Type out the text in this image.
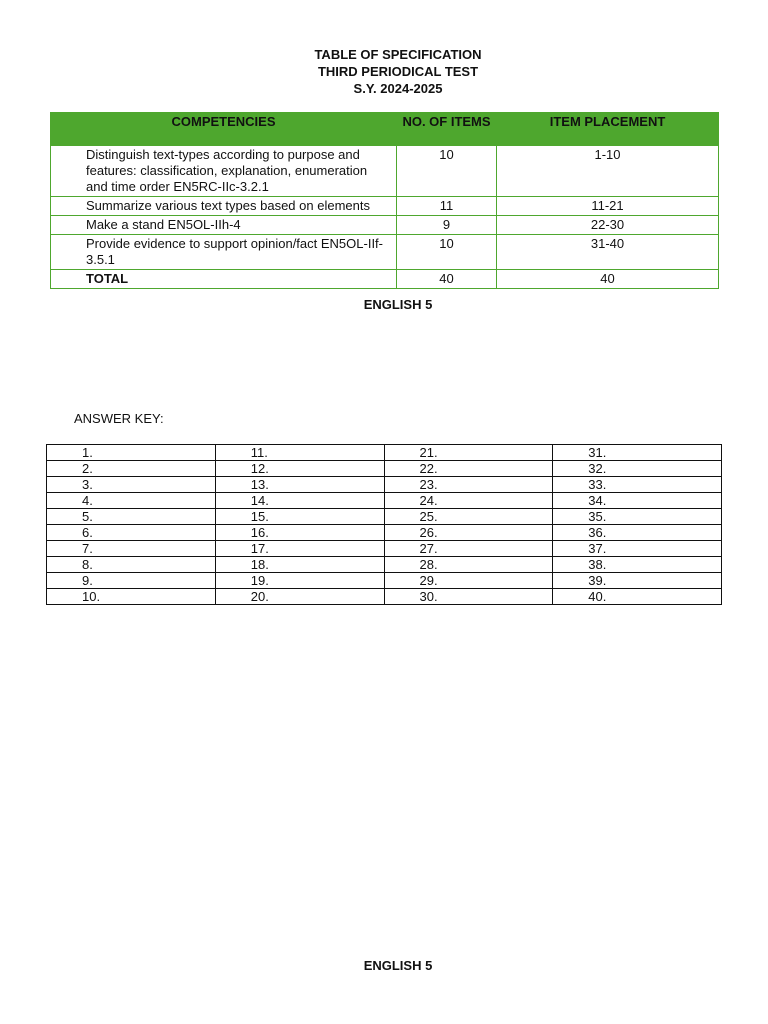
TABLE OF SPECIFICATION
THIRD PERIODICAL TEST
S.Y. 2024-2025
COMPETENCIES	NO. OF ITEMS	ITEM PLACEMENT
Distinguish text-types according to purpose and features: classification, explanation, enumeration and time order EN5RC-IIc-3.2.1	10	1-10
Summarize various text types based on elements	11	11-21
Make a stand EN5OL-IIh-4	9	22-30
Provide evidence to support opinion/fact EN5OL-IIf-3.5.1	10	31-40
TOTAL	40	40
ENGLISH 5
ANSWER KEY:
1.	11.	21.	31.
2.	12.	22.	32.
3.	13.	23.	33.
4.	14.	24.	34.
5.	15.	25.	35.
6.	16.	26.	36.
7.	17.	27.	37.
8.	18.	28.	38.
9.	19.	29.	39.
10.	20.	30.	40.
ENGLISH 5
